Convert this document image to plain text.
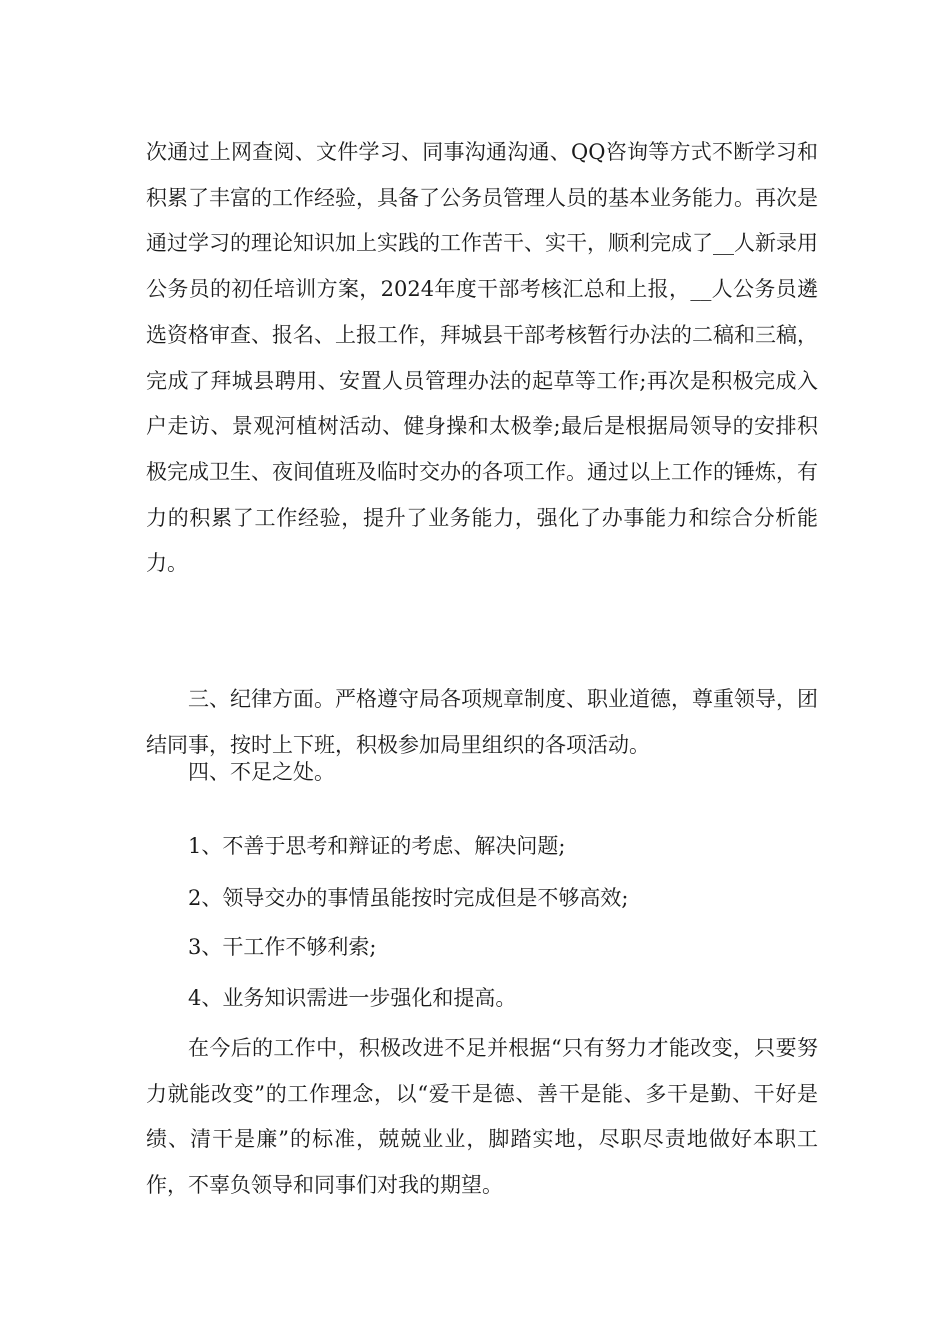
次通过上网查阅、文件学习、同事沟通沟通、QQ咨询等方式不断学习和积累了丰富的工作经验，具备了公务员管理人员的基本业务能力。再次是通过学习的理论知识加上实践的工作苦干、实干，顺利完成了__人新录用公务员的初任培训方案，2024年度干部考核汇总和上报，__人公务员遴选资格审查、报名、上报工作，拜城县干部考核暂行办法的二稿和三稿，完成了拜城县聘用、安置人员管理办法的起草等工作;再次是积极完成入户走访、景观河植树活动、健身操和太极拳;最后是根据局领导的安排积极完成卫生、夜间值班及临时交办的各项工作。通过以上工作的锤炼，有力的积累了工作经验，提升了业务能力，强化了办事能力和综合分析能力。
三、纪律方面。严格遵守局各项规章制度、职业道德，尊重领导，团结同事，按时上下班，积极参加局里组织的各项活动。
四、不足之处。
1、不善于思考和辩证的考虑、解决问题;
2、领导交办的事情虽能按时完成但是不够高效;
3、干工作不够利索;
4、业务知识需进一步强化和提高。
在今后的工作中，积极改进不足并根据“只有努力才能改变，只要努力就能改变”的工作理念，以“爱干是德、善干是能、多干是勤、干好是绩、清干是廉”的标准，兢兢业业，脚踏实地，尽职尽责地做好本职工作，不辜负领导和同事们对我的期望。
